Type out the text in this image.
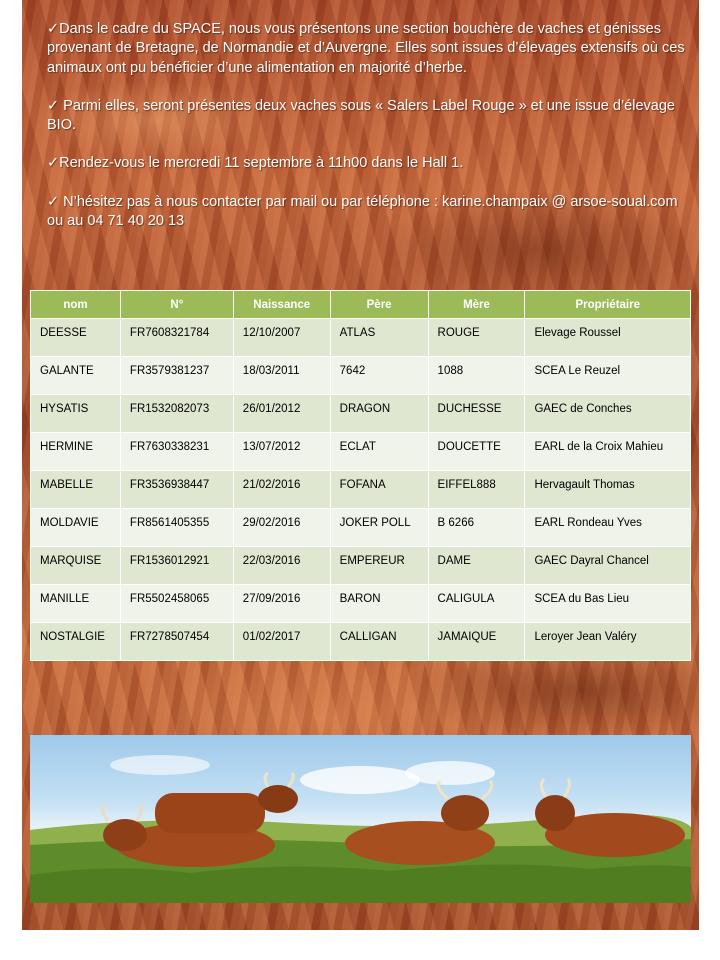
✓Dans le cadre du SPACE, nous vous présentons une section bouchère de vaches et génisses provenant de Bretagne, de Normandie et d’Auvergne. Elles sont issues d’élevages extensifs où ces animaux ont pu bénéficier d’une alimentation en majorité d’herbe.

✓ Parmi elles, seront présentes deux vaches sous « Salers Label Rouge » et une issue d’élevage BIO.

✓Rendez-vous le mercredi 11 septembre à 11h00 dans le Hall 1.

✓ N’hésitez pas à nous contacter par mail ou par téléphone : karine.champaix @ arsoe-soual.com ou au 04 71 40 20 13

nom	N°	Naissance	Père	Mère	Propriétaire
DEESSE	FR7608321784	12/10/2007	ATLAS	ROUGE	Elevage Roussel
GALANTE	FR3579381237	18/03/2011	7642	1088	SCEA Le Reuzel
HYSATIS	FR1532082073	26/01/2012	DRAGON	DUCHESSE	GAEC de Conches
HERMINE	FR7630338231	13/07/2012	ECLAT	DOUCETTE	EARL de la Croix Mahieu
MABELLE	FR3536938447	21/02/2016	FOFANA	EIFFEL888	Hervagault Thomas
MOLDAVIE	FR8561405355	29/02/2016	JOKER POLL	B 6266	EARL Rondeau Yves
MARQUISE	FR1536012921	22/03/2016	EMPEREUR	DAME	GAEC Dayral Chancel
MANILLE	FR5502458065	27/09/2016	BARON	CALIGULA	SCEA du Bas Lieu
NOSTALGIE	FR7278507454	01/02/2017	CALLIGAN	JAMAIQUE	Leroyer Jean Valéry
